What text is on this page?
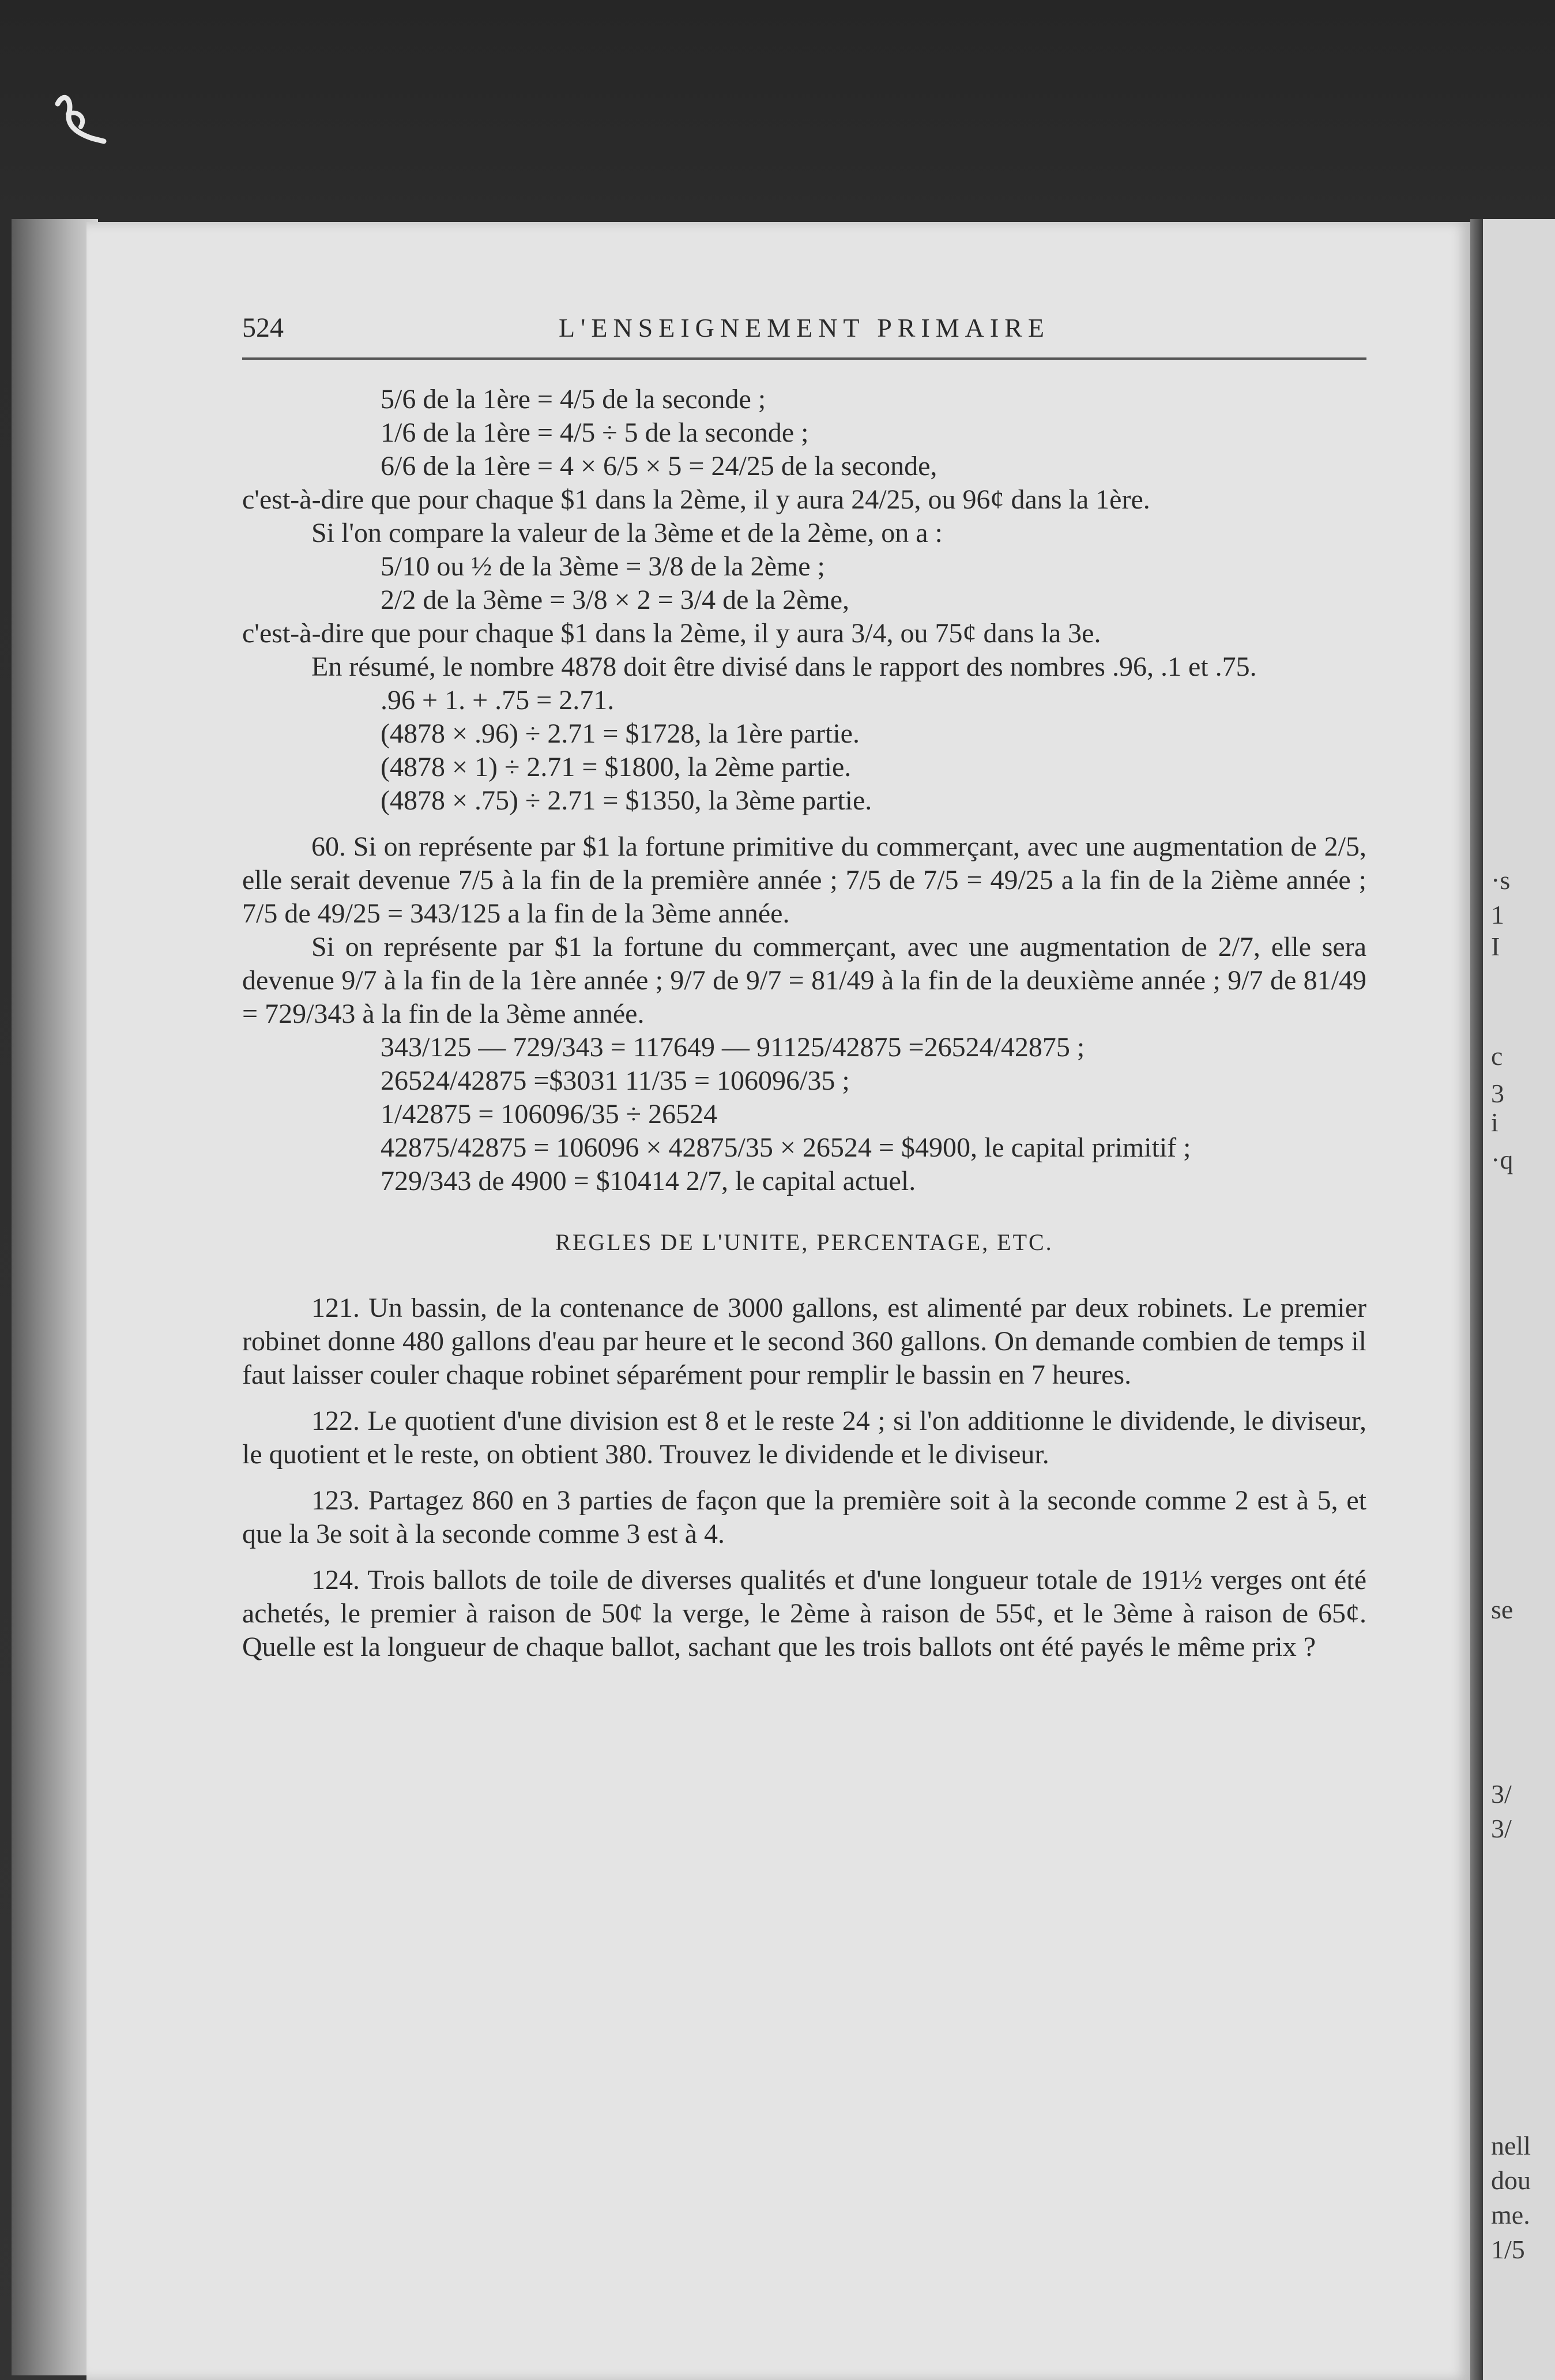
·s
1
I
c
3
i
·q
se
3/
3/
nell
dou
me.
1/5
524	L'ENSEIGNEMENT PRIMAIRE
5/6 de la 1ère = 4/5 de la seconde ;
1/6 de la 1ère = 4/5 ÷ 5 de la seconde ;
6/6 de la 1ère = 4 × 6/5 × 5 = 24/25 de la seconde,
c'est-à-dire que pour chaque $1 dans la 2ème, il y aura 24/25, ou 96¢ dans la 1ère.
Si l'on compare la valeur de la 3ème et de la 2ème, on a :
5/10 ou ½ de la 3ème = 3/8 de la 2ème ;
2/2 de la 3ème = 3/8 × 2 = 3/4 de la 2ème,
c'est-à-dire que pour chaque $1 dans la 2ème, il y aura 3/4, ou 75¢ dans la 3e.
En résumé, le nombre 4878 doit être divisé dans le rapport des nombres .96, .1 et .75.
.96 + 1. + .75 = 2.71.
(4878 × .96) ÷ 2.71 = $1728, la 1ère partie.
(4878 × 1) ÷ 2.71 = $1800, la 2ème partie.
(4878 × .75) ÷ 2.71 = $1350, la 3ème partie.
60. Si on représente par $1 la fortune primitive du commerçant, avec une augmentation de 2/5, elle serait devenue 7/5 à la fin de la première année ; 7/5 de 7/5 = 49/25 a la fin de la 2ième année ; 7/5 de 49/25 = 343/125 a la fin de la 3ème année.
Si on représente par $1 la fortune du commerçant, avec une augmentation de 2/7, elle sera devenue 9/7 à la fin de la 1ère année ; 9/7 de 9/7 = 81/49 à la fin de la deuxième année ; 9/7 de 81/49 = 729/343 à la fin de la 3ème année.
343/125 — 729/343 = 117649 — 91125/42875 =26524/42875 ;
26524/42875 =$3031 11/35 = 106096/35 ;
1/42875 = 106096/35 ÷ 26524
42875/42875 = 106096 × 42875/35 × 26524 = $4900, le capital primitif ;
729/343 de 4900 = $10414 2/7, le capital actuel.
REGLES DE L'UNITE, PERCENTAGE, ETC.
121. Un bassin, de la contenance de 3000 gallons, est alimenté par deux robinets. Le premier robinet donne 480 gallons d'eau par heure et le second 360 gallons. On demande combien de temps il faut laisser couler chaque robinet séparément pour remplir le bassin en 7 heures.
122. Le quotient d'une division est 8 et le reste 24 ; si l'on additionne le dividende, le diviseur, le quotient et le reste, on obtient 380. Trouvez le dividende et le diviseur.
123. Partagez 860 en 3 parties de façon que la première soit à la seconde comme 2 est à 5, et que la 3e soit à la seconde comme 3 est à 4.
124. Trois ballots de toile de diverses qualités et d'une longueur totale de 191½ verges ont été achetés, le premier à raison de 50¢ la verge, le 2ème à raison de 55¢, et le 3ème à raison de 65¢. Quelle est la longueur de chaque ballot, sachant que les trois ballots ont été payés le même prix ?
